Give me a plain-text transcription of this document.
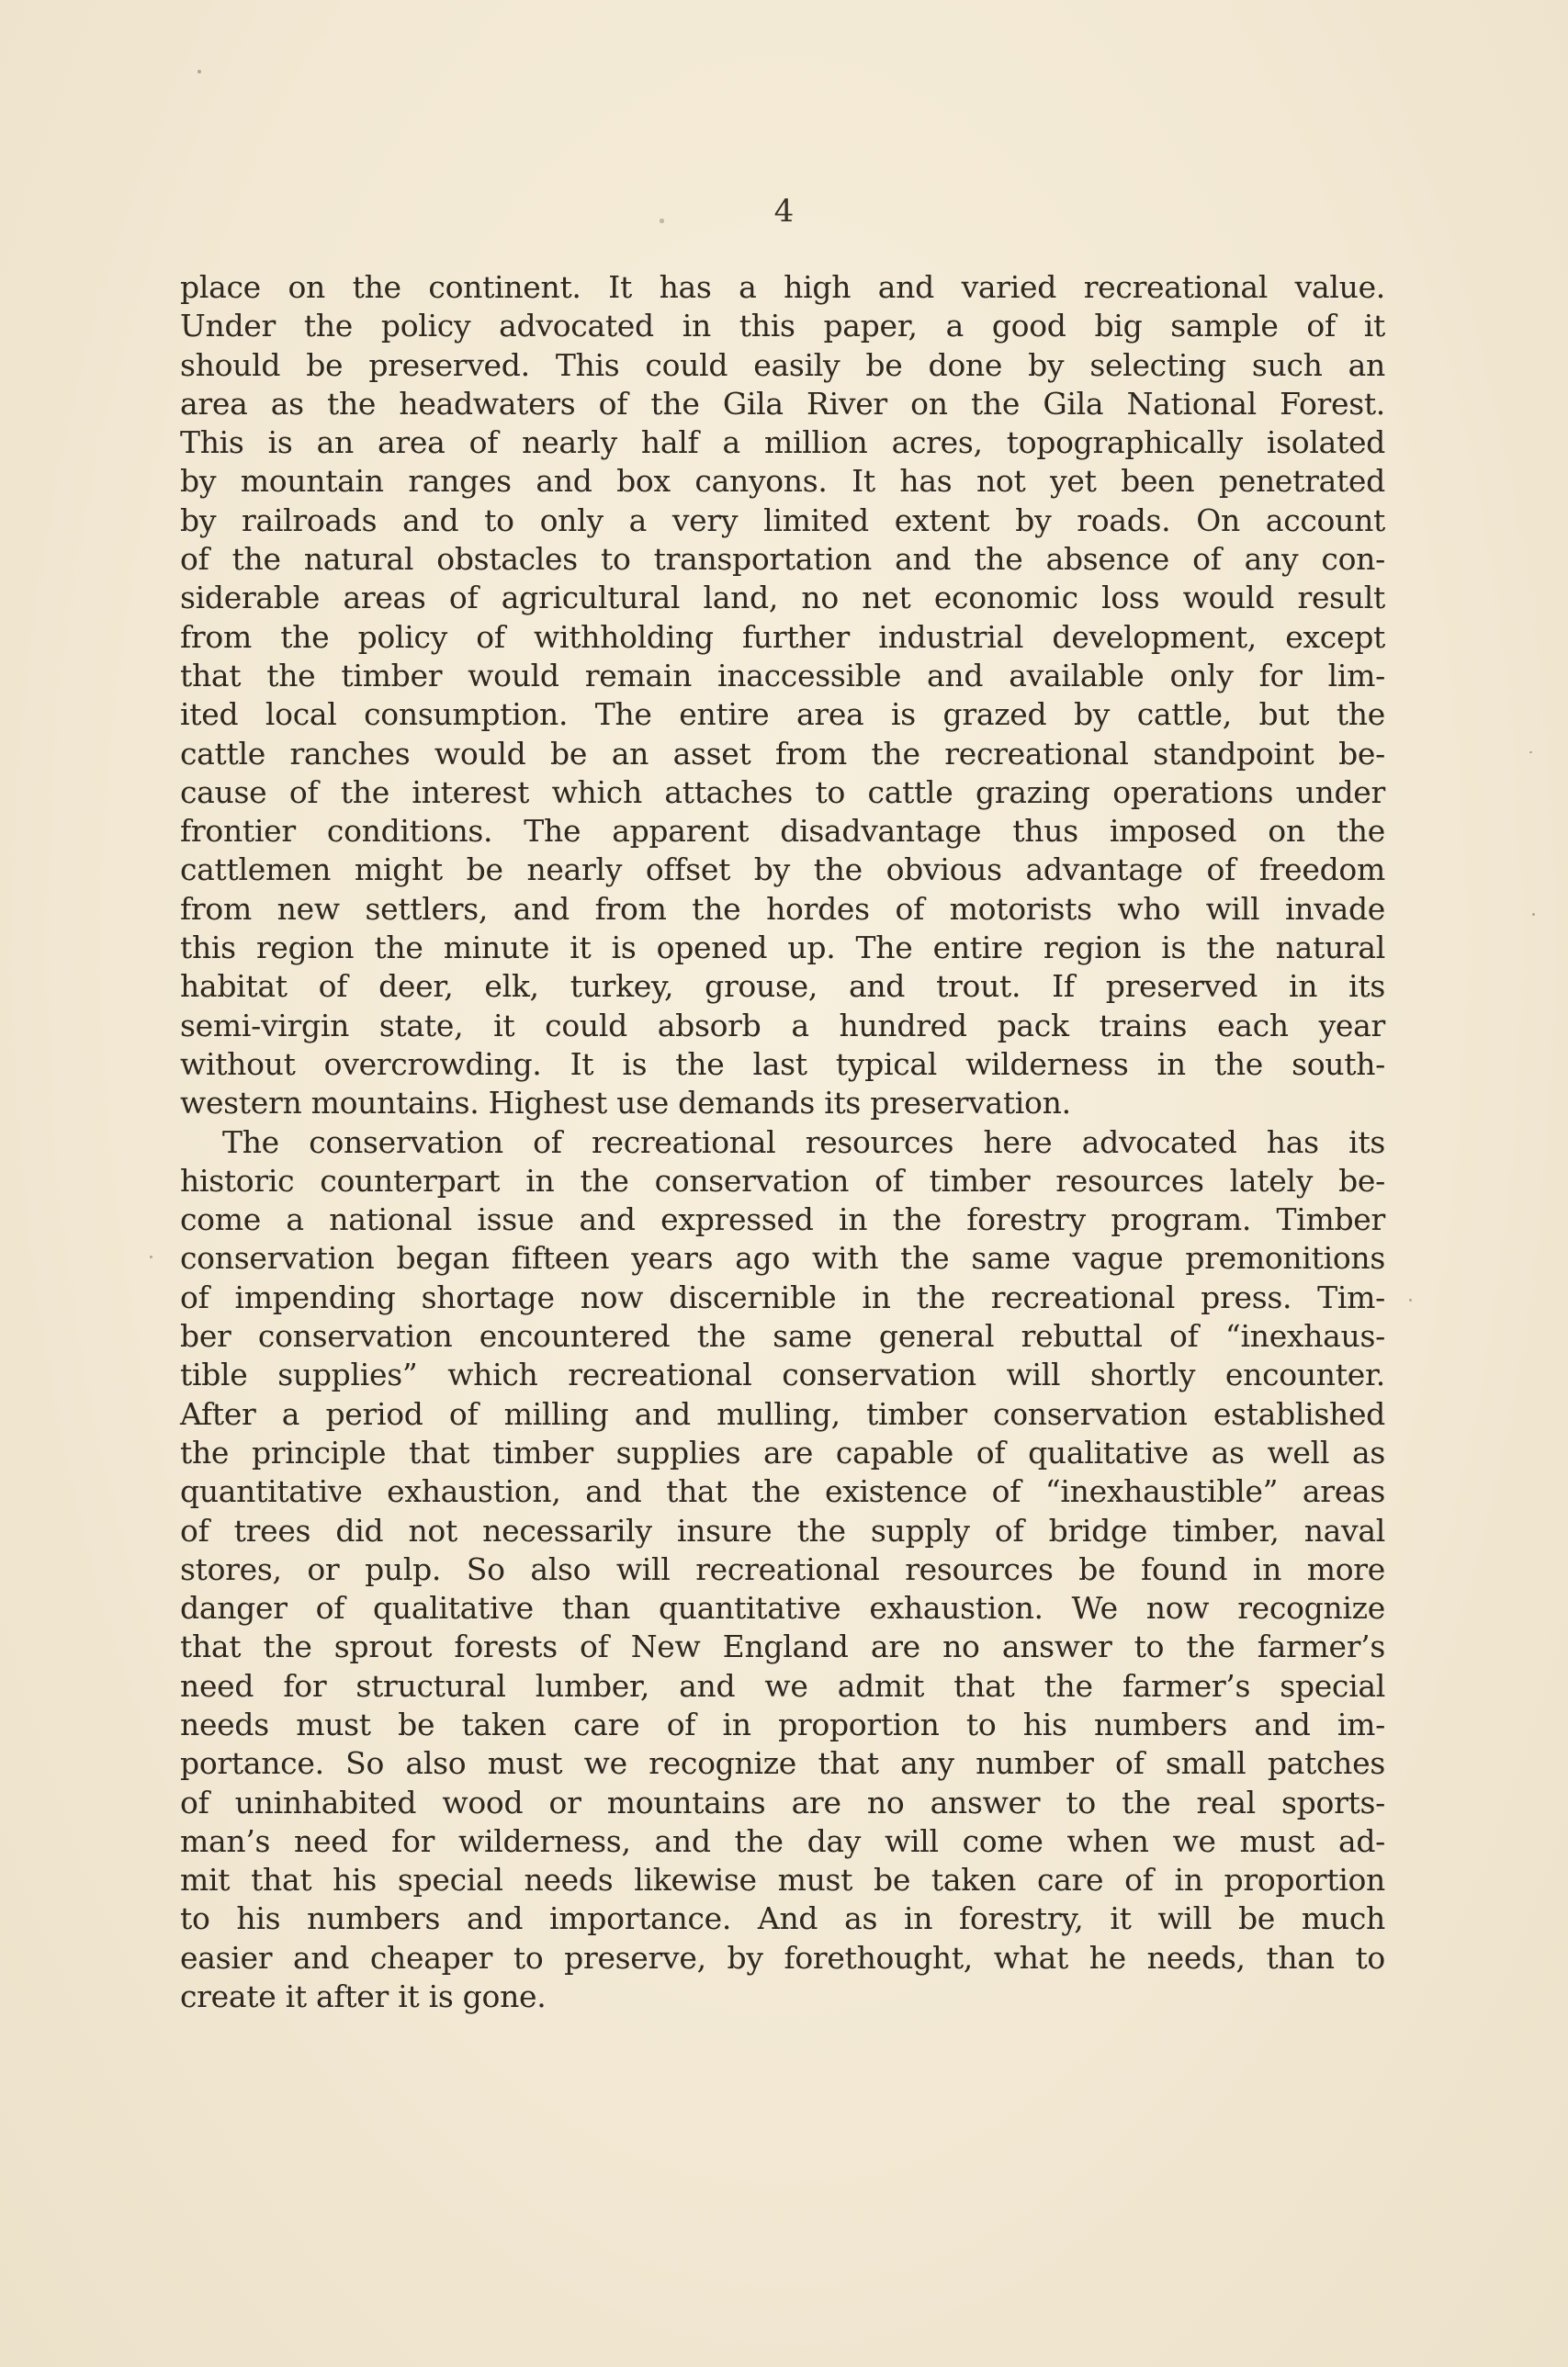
4
place on the continent. It has a high and varied recreational value.
Under the policy advocated in this paper, a good big sample of it
should be preserved. This could easily be done by selecting such an
area as the headwaters of the Gila River on the Gila National Forest.
This is an area of nearly half a million acres, topographically isolated
by mountain ranges and box canyons. It has not yet been penetrated
by railroads and to only a very limited extent by roads. On account
of the natural obstacles to transportation and the absence of any con-
siderable areas of agricultural land, no net economic loss would result
from the policy of withholding further industrial development, except
that the timber would remain inaccessible and available only for lim-
ited local consumption. The entire area is grazed by cattle, but the
cattle ranches would be an asset from the recreational standpoint be-
cause of the interest which attaches to cattle grazing operations under
frontier conditions. The apparent disadvantage thus imposed on the
cattlemen might be nearly offset by the obvious advantage of freedom
from new settlers, and from the hordes of motorists who will invade
this region the minute it is opened up. The entire region is the natural
habitat of deer, elk, turkey, grouse, and trout. If preserved in its
semi-virgin state, it could absorb a hundred pack trains each year
without overcrowding. It is the last typical wilderness in the south-
western mountains. Highest use demands its preservation.
The conservation of recreational resources here advocated has its
historic counterpart in the conservation of timber resources lately be-
come a national issue and expressed in the forestry program. Timber
conservation began fifteen years ago with the same vague premonitions
of impending shortage now discernible in the recreational press. Tim-
ber conservation encountered the same general rebuttal of “inexhaus-
tible supplies” which recreational conservation will shortly encounter.
After a period of milling and mulling, timber conservation established
the principle that timber supplies are capable of qualitative as well as
quantitative exhaustion, and that the existence of “inexhaustible” areas
of trees did not necessarily insure the supply of bridge timber, naval
stores, or pulp. So also will recreational resources be found in more
danger of qualitative than quantitative exhaustion. We now recognize
that the sprout forests of New England are no answer to the farmer’s
need for structural lumber, and we admit that the farmer’s special
needs must be taken care of in proportion to his numbers and im-
portance. So also must we recognize that any number of small patches
of uninhabited wood or mountains are no answer to the real sports-
man’s need for wilderness, and the day will come when we must ad-
mit that his special needs likewise must be taken care of in proportion
to his numbers and importance. And as in forestry, it will be much
easier and cheaper to preserve, by forethought, what he needs, than to
create it after it is gone.
